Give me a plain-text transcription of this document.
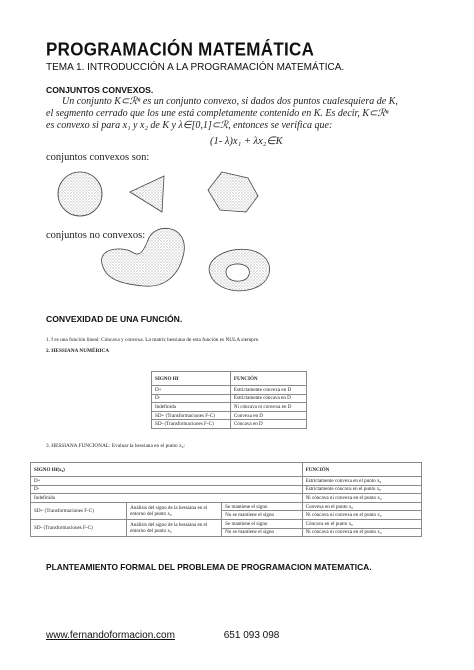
PROGRAMACIÓN MATEMÁTICA
TEMA 1. INTRODUCCIÓN A LA PROGRAMACIÓN MATEMÁTICA.
CONJUNTOS CONVEXOS.
Un conjunto K⊂ℛⁿ es un conjunto convexo, si dados dos puntos cualesquiera de K,
el segmento cerrado que los une está completamente contenido en K. Es decir, K⊂ℛⁿ
es convexo si para x₁ y x₂ de K y λ∈[0,1]⊂ℛ, entonces se verifica que:
(1- λ)x₁ + λx₂∈K
conjuntos convexos son:
conjuntos no convexos:
CONVEXIDAD DE UNA FUNCIÓN.
1. f es una función lineal: Cóncava y convexa. La matriz hessiana de esta función es NULA siempre.
2. HESSIANA NUMÉRICA
SIGNO Hf	FUNCIÓN
D+	Estrictamente convexa en D
D-	Estrictamente cóncava en D
Indefinida	Ni cóncava ni convexa en D
SD+ (Transformaciones F-C)	Convexa en D
SD- (Transformaciones F-C)	Cóncava en D
3. HESSIANA FUNCIONAL: Evaluar la hessiana en el punto x₀:
SIGNO Hf(x₀)			FUNCIÓN
D+			Estrictamente convexa en el punto x₀
D-			Estrictamente cóncava en el punto x₀
Indefinida			Ni cóncava ni convexa en el punto x₀
SD+ (Transformaciones F-C)	Análisis del signo de la hessiana en el entorno del punto x₀	Se mantiene el signo	Convexa en el punto x₀
		No se mantiene el signo	Ni cóncava ni convexa en el punto x₀
SD- (Transformaciones F-C)	Análisis del signo de la hessiana en el entorno del punto x₀	Se mantiene el signo	Cóncava en el punto x₀
		No se mantiene el signo	Ni cóncava ni convexa en el punto x₀
PLANTEAMIENTO FORMAL DEL PROBLEMA DE PROGRAMACION MATEMATICA.
www.fernandoformacion.com	651 093 098
